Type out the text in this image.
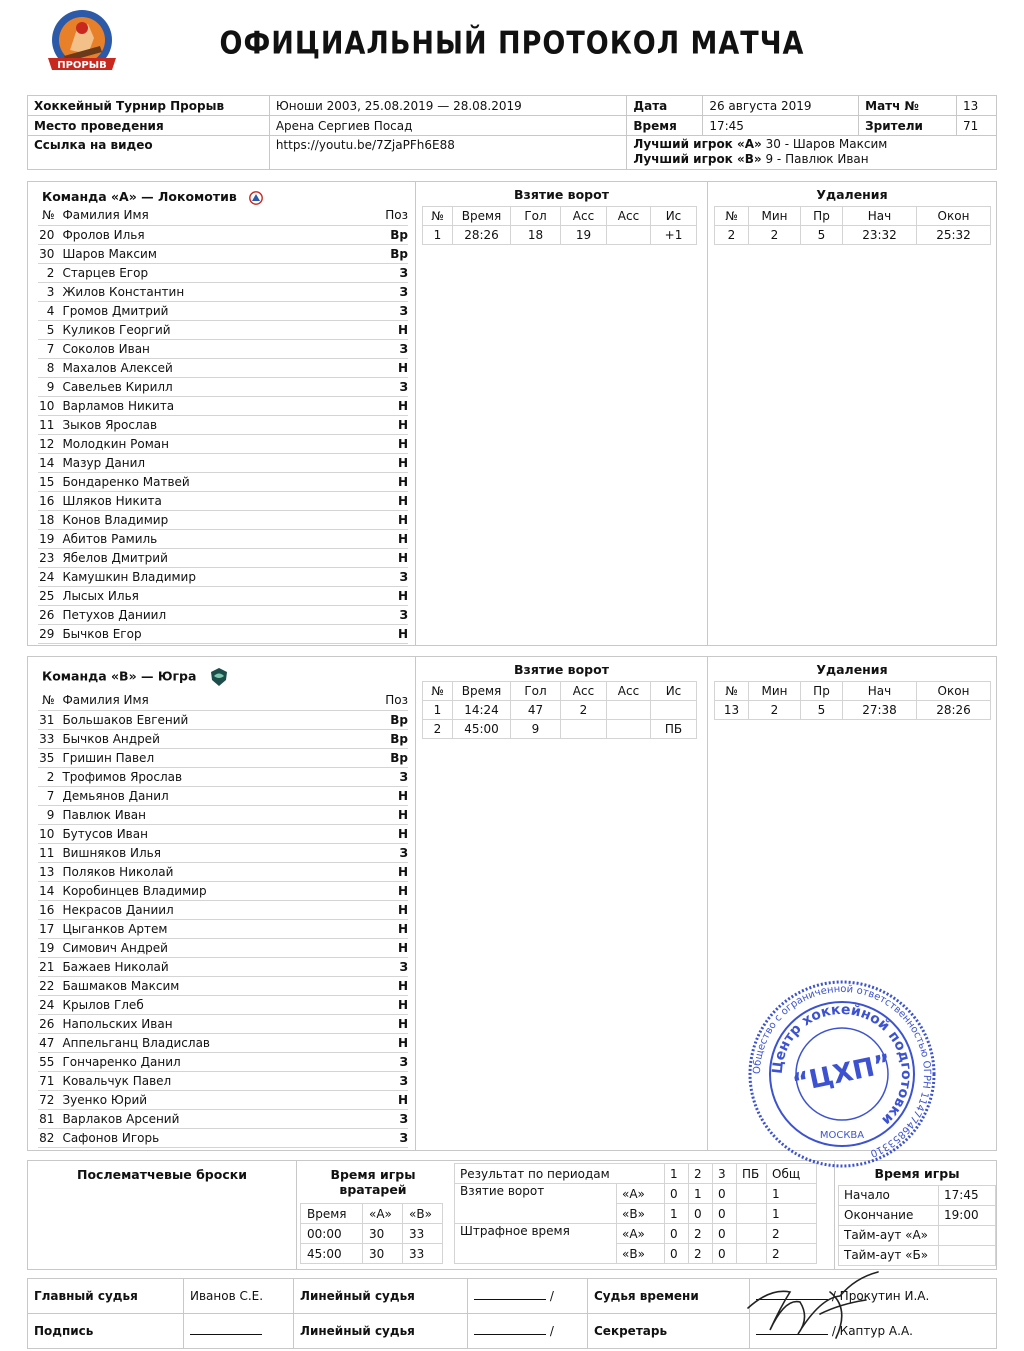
ПРОРЫВ
ОФИЦИАЛЬНЫЙ ПРОТОКОЛ МАТЧА
Хоккейный Турнир Прорыв	Юноши 2003, 25.08.2019 — 28.08.2019	Дата	26 августа 2019	Матч №	13
Место проведения	Арена Сергиев Посад	Время	17:45	Зрители	71
Ссылка на видео	https://youtu.be/7ZjaPFh6E88	Лучший игрок «А» 30 - Шаров Максим
Лучший игрок «В» 9 - Павлюк Иван			
Команда «А» — Локомотив
№	Фамилия Имя	Поз
20	Фролов Илья	Вр
30	Шаров Максим	Вр
2	Старцев Егор	З
3	Жилов Константин	З
4	Громов Дмитрий	З
5	Куликов Георгий	Н
7	Соколов Иван	З
8	Махалов Алексей	Н
9	Савельев Кирилл	З
10	Варламов Никита	Н
11	Зыков Ярослав	Н
12	Молодкин Роман	Н
14	Мазур Данил	Н
15	Бондаренко Матвей	Н
16	Шляков Никита	Н
18	Конов Владимир	Н
19	Абитов Рамиль	Н
23	Ябелов Дмитрий	Н
24	Камушкин Владимир	З
25	Лысых Илья	Н
26	Петухов Даниил	З
29	Бычков Егор	Н
Взятие ворот
№	Время	Гол	Асс	Асс	Ис
1	28:26	18	19		+1
Удаления
№	Мин	Пр	Нач	Окон
2	2	5	23:32	25:32
Команда «В» — Югра
№	Фамилия Имя	Поз
31	Большаков Евгений	Вр
33	Бычков Андрей	Вр
35	Гришин Павел	Вр
2	Трофимов Ярослав	З
7	Демьянов Данил	Н
9	Павлюк Иван	Н
10	Бутусов Иван	Н
11	Вишняков Илья	З
13	Поляков Николай	Н
14	Коробинцев Владимир	Н
16	Некрасов Даниил	Н
17	Цыганков Артем	Н
19	Симович Андрей	Н
21	Бажаев Николай	З
22	Башмаков Максим	Н
24	Крылов Глеб	Н
26	Напольских Иван	Н
47	Аппельганц Владислав	Н
55	Гончаренко Данил	З
71	Ковальчук Павел	З
72	Зуенко Юрий	Н
81	Варлаков Арсений	З
82	Сафонов Игорь	З
Взятие ворот
№	Время	Гол	Асс	Асс	Ис
1	14:24	47	2		
2	45:00	9			ПБ
Удаления
№	Мин	Пр	Нач	Окон
13	2	5	27:38	28:26
Послематчевые броски	Время игры вратарей
Время	«А»	«В»
00:00	30	33
45:00	30	33
Результат по периодам		1	2	3	ПБ	Общ
Взятие ворот	«А»	0	1	0		1
	«В»	1	0	0		1
Штрафное время	«А»	0	2	0		2
	«В»	0	2	0		2
Время игры	
Начало	17:45
Окончание	19:00
Тайм-аут «А»	
Тайм-аут «Б»	
Главный судья	Иванов С.Е.	Линейный судья	/	Судья времени	/ Прокутин И.А.
Подпись		Линейный судья	/	Секретарь	/ Каптур А.А.
Общество с ограниченной ответственностью ОГРН 1147746853310
Центр хоккейной подготовки
“ЦХП”
МОСКВА
